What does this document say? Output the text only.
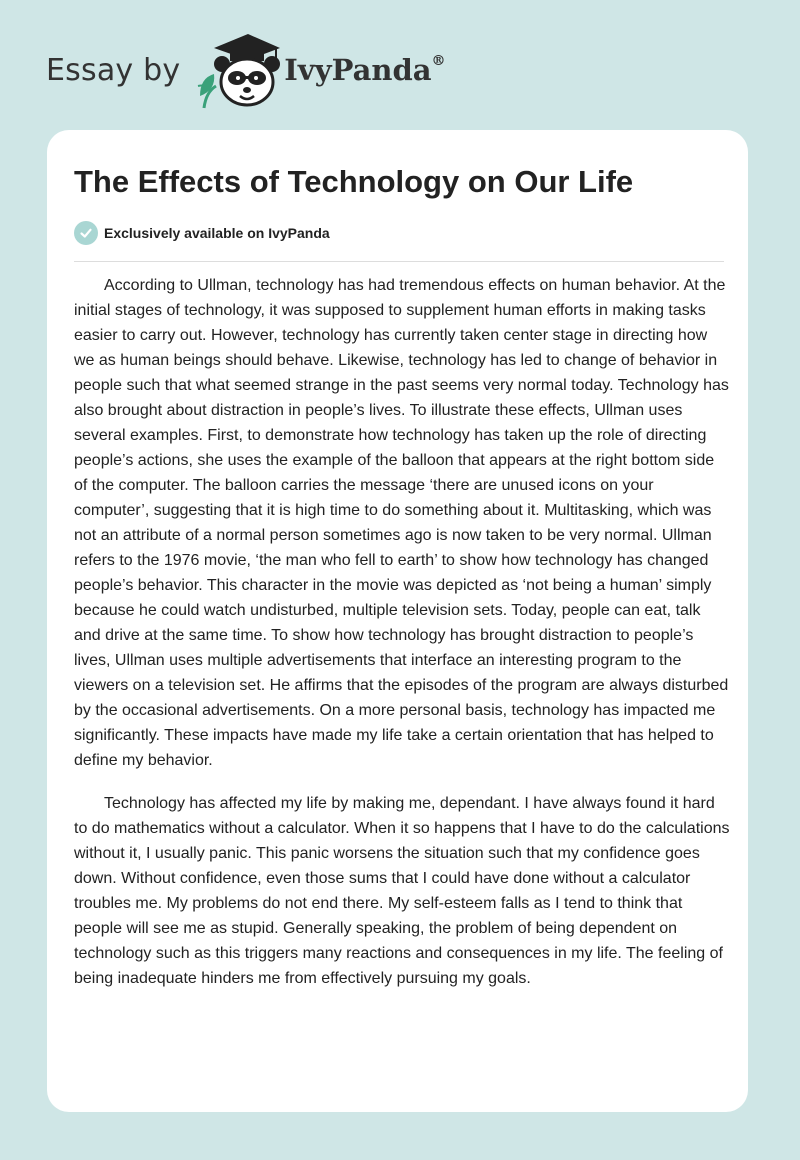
Essay by	IvyPanda®
The Effects of Technology on Our Life
Exclusively available on IvyPanda

According to Ullman, technology has had tremendous effects on human behavior. At the initial stages of technology, it was supposed to supplement human efforts in making tasks easier to carry out. However, technology has currently taken center stage in directing how we as human beings should behave. Likewise, technology has led to change of behavior in people such that what seemed strange in the past seems very normal today. Technology has also brought about distraction in people’s lives. To illustrate these effects, Ullman uses several examples. First, to demonstrate how technology has taken up the role of directing people’s actions, she uses the example of the balloon that appears at the right bottom side of the computer. The balloon carries the message ‘there are unused icons on your computer’, suggesting that it is high time to do something about it. Multitasking, which was not an attribute of a normal person sometimes ago is now taken to be very normal. Ullman refers to the 1976 movie, ‘the man who fell to earth’ to show how technology has changed people’s behavior. This character in the movie was depicted as ‘not being a human’ simply because he could watch undisturbed, multiple television sets. Today, people can eat, talk and drive at the same time. To show how technology has brought distraction to people’s lives, Ullman uses multiple advertisements that interface an interesting program to the viewers on a television set. He affirms that the episodes of the program are always disturbed by the occasional advertisements. On a more personal basis, technology has impacted me significantly. These impacts have made my life take a certain orientation that has helped to define my behavior.

Technology has affected my life by making me, dependant. I have always found it hard to do mathematics without a calculator. When it so happens that I have to do the calculations without it, I usually panic. This panic worsens the situation such that my confidence goes down. Without confidence, even those sums that I could have done without a calculator troubles me. My problems do not end there. My self-esteem falls as I tend to think that people will see me as stupid. Generally speaking, the problem of being dependent on technology such as this triggers many reactions and consequences in my life. The feeling of being inadequate hinders me from effectively pursuing my goals.
